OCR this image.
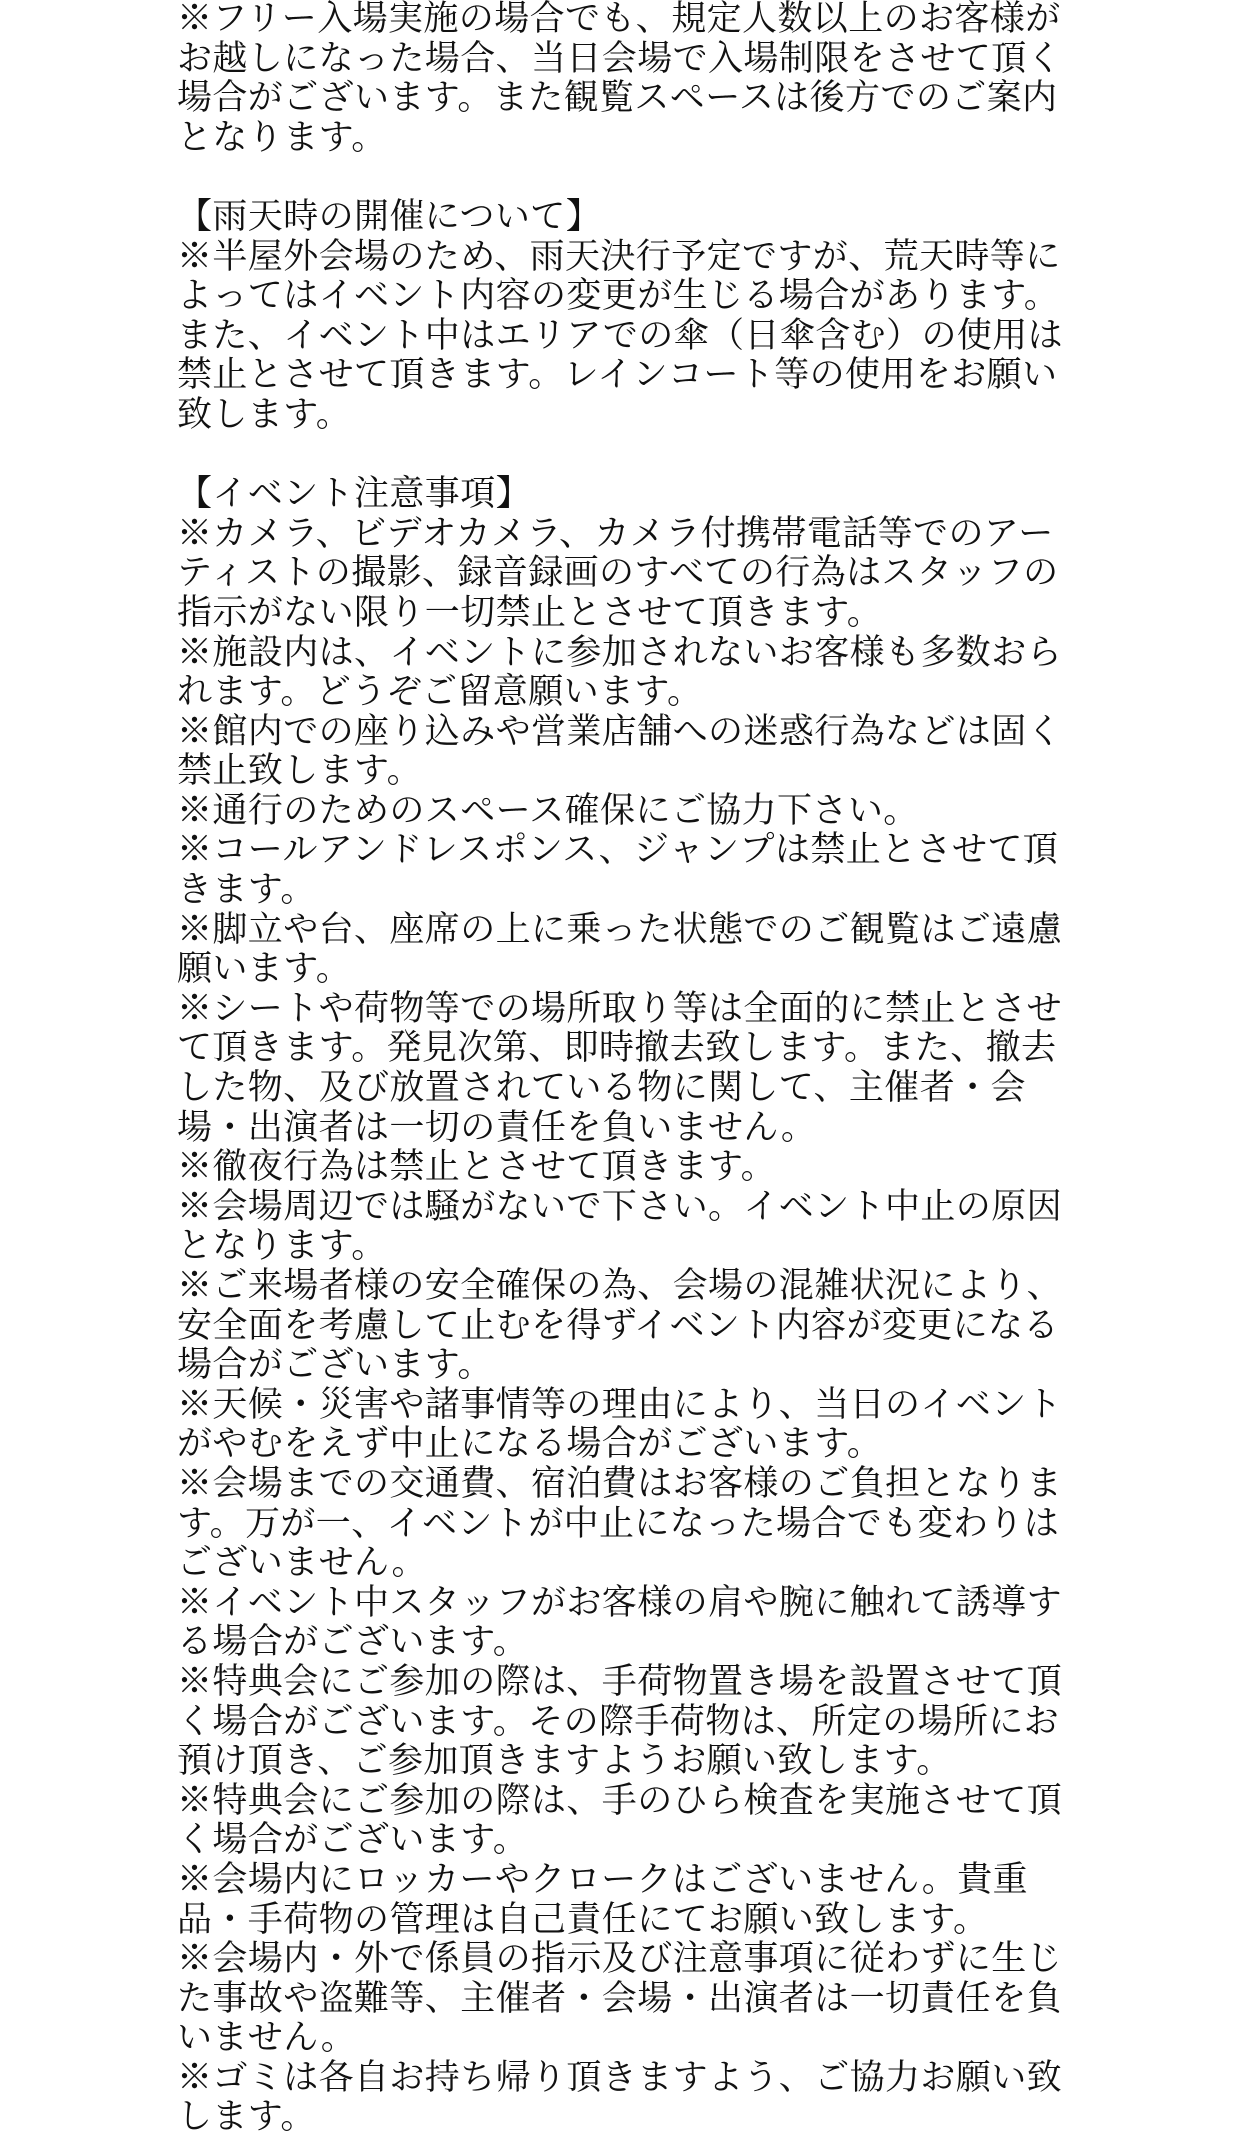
※フリー入場実施の場合でも、規定人数以上のお客様が

お越しになった場合、当日会場で入場制限をさせて頂く

場合がございます。また観覧スペースは後方でのご案内

となります。

【雨天時の開催について】

※半屋外会場のため、雨天決行予定ですが、荒天時等に

よってはイベント内容の変更が生じる場合があります。

また、イベント中はエリアでの傘（日傘含む）の使用は

禁止とさせて頂きます。レインコート等の使用をお願い

致します。

【イベント注意事項】

※カメラ、ビデオカメラ、カメラ付携帯電話等でのアー

ティストの撮影、録音録画のすべての行為はスタッフの

指示がない限り一切禁止とさせて頂きます。

※施設内は、イベントに参加されないお客様も多数おら

れます。どうぞご留意願います。

※館内での座り込みや営業店舗への迷惑行為などは固く

禁止致します。

※通行のためのスペース確保にご協力下さい。

※コールアンドレスポンス、ジャンプは禁止とさせて頂

きます。

※脚立や台、座席の上に乗った状態でのご観覧はご遠慮

願います。

※シートや荷物等での場所取り等は全面的に禁止とさせ

て頂きます。発見次第、即時撤去致します。また、撤去

した物、及び放置されている物に関して、主催者・会

場・出演者は一切の責任を負いません。

※徹夜行為は禁止とさせて頂きます。

※会場周辺では騒がないで下さい。イベント中止の原因

となります。

※ご来場者様の安全確保の為、会場の混雑状況により、

安全面を考慮して止むを得ずイベント内容が変更になる

場合がございます。

※天候・災害や諸事情等の理由により、当日のイベント

がやむをえず中止になる場合がございます。

※会場までの交通費、宿泊費はお客様のご負担となりま

す。万が一、イベントが中止になった場合でも変わりは

ございません。

※イベント中スタッフがお客様の肩や腕に触れて誘導す

る場合がございます。

※特典会にご参加の際は、手荷物置き場を設置させて頂

く場合がございます。その際手荷物は、所定の場所にお

預け頂き、ご参加頂きますようお願い致します。

※特典会にご参加の際は、手のひら検査を実施させて頂

く場合がございます。

※会場内にロッカーやクロークはございません。貴重

品・手荷物の管理は自己責任にてお願い致します。

※会場内・外で係員の指示及び注意事項に従わずに生じ

た事故や盗難等、主催者・会場・出演者は一切責任を負

いません。

※ゴミは各自お持ち帰り頂きますよう、ご協力お願い致

します。
